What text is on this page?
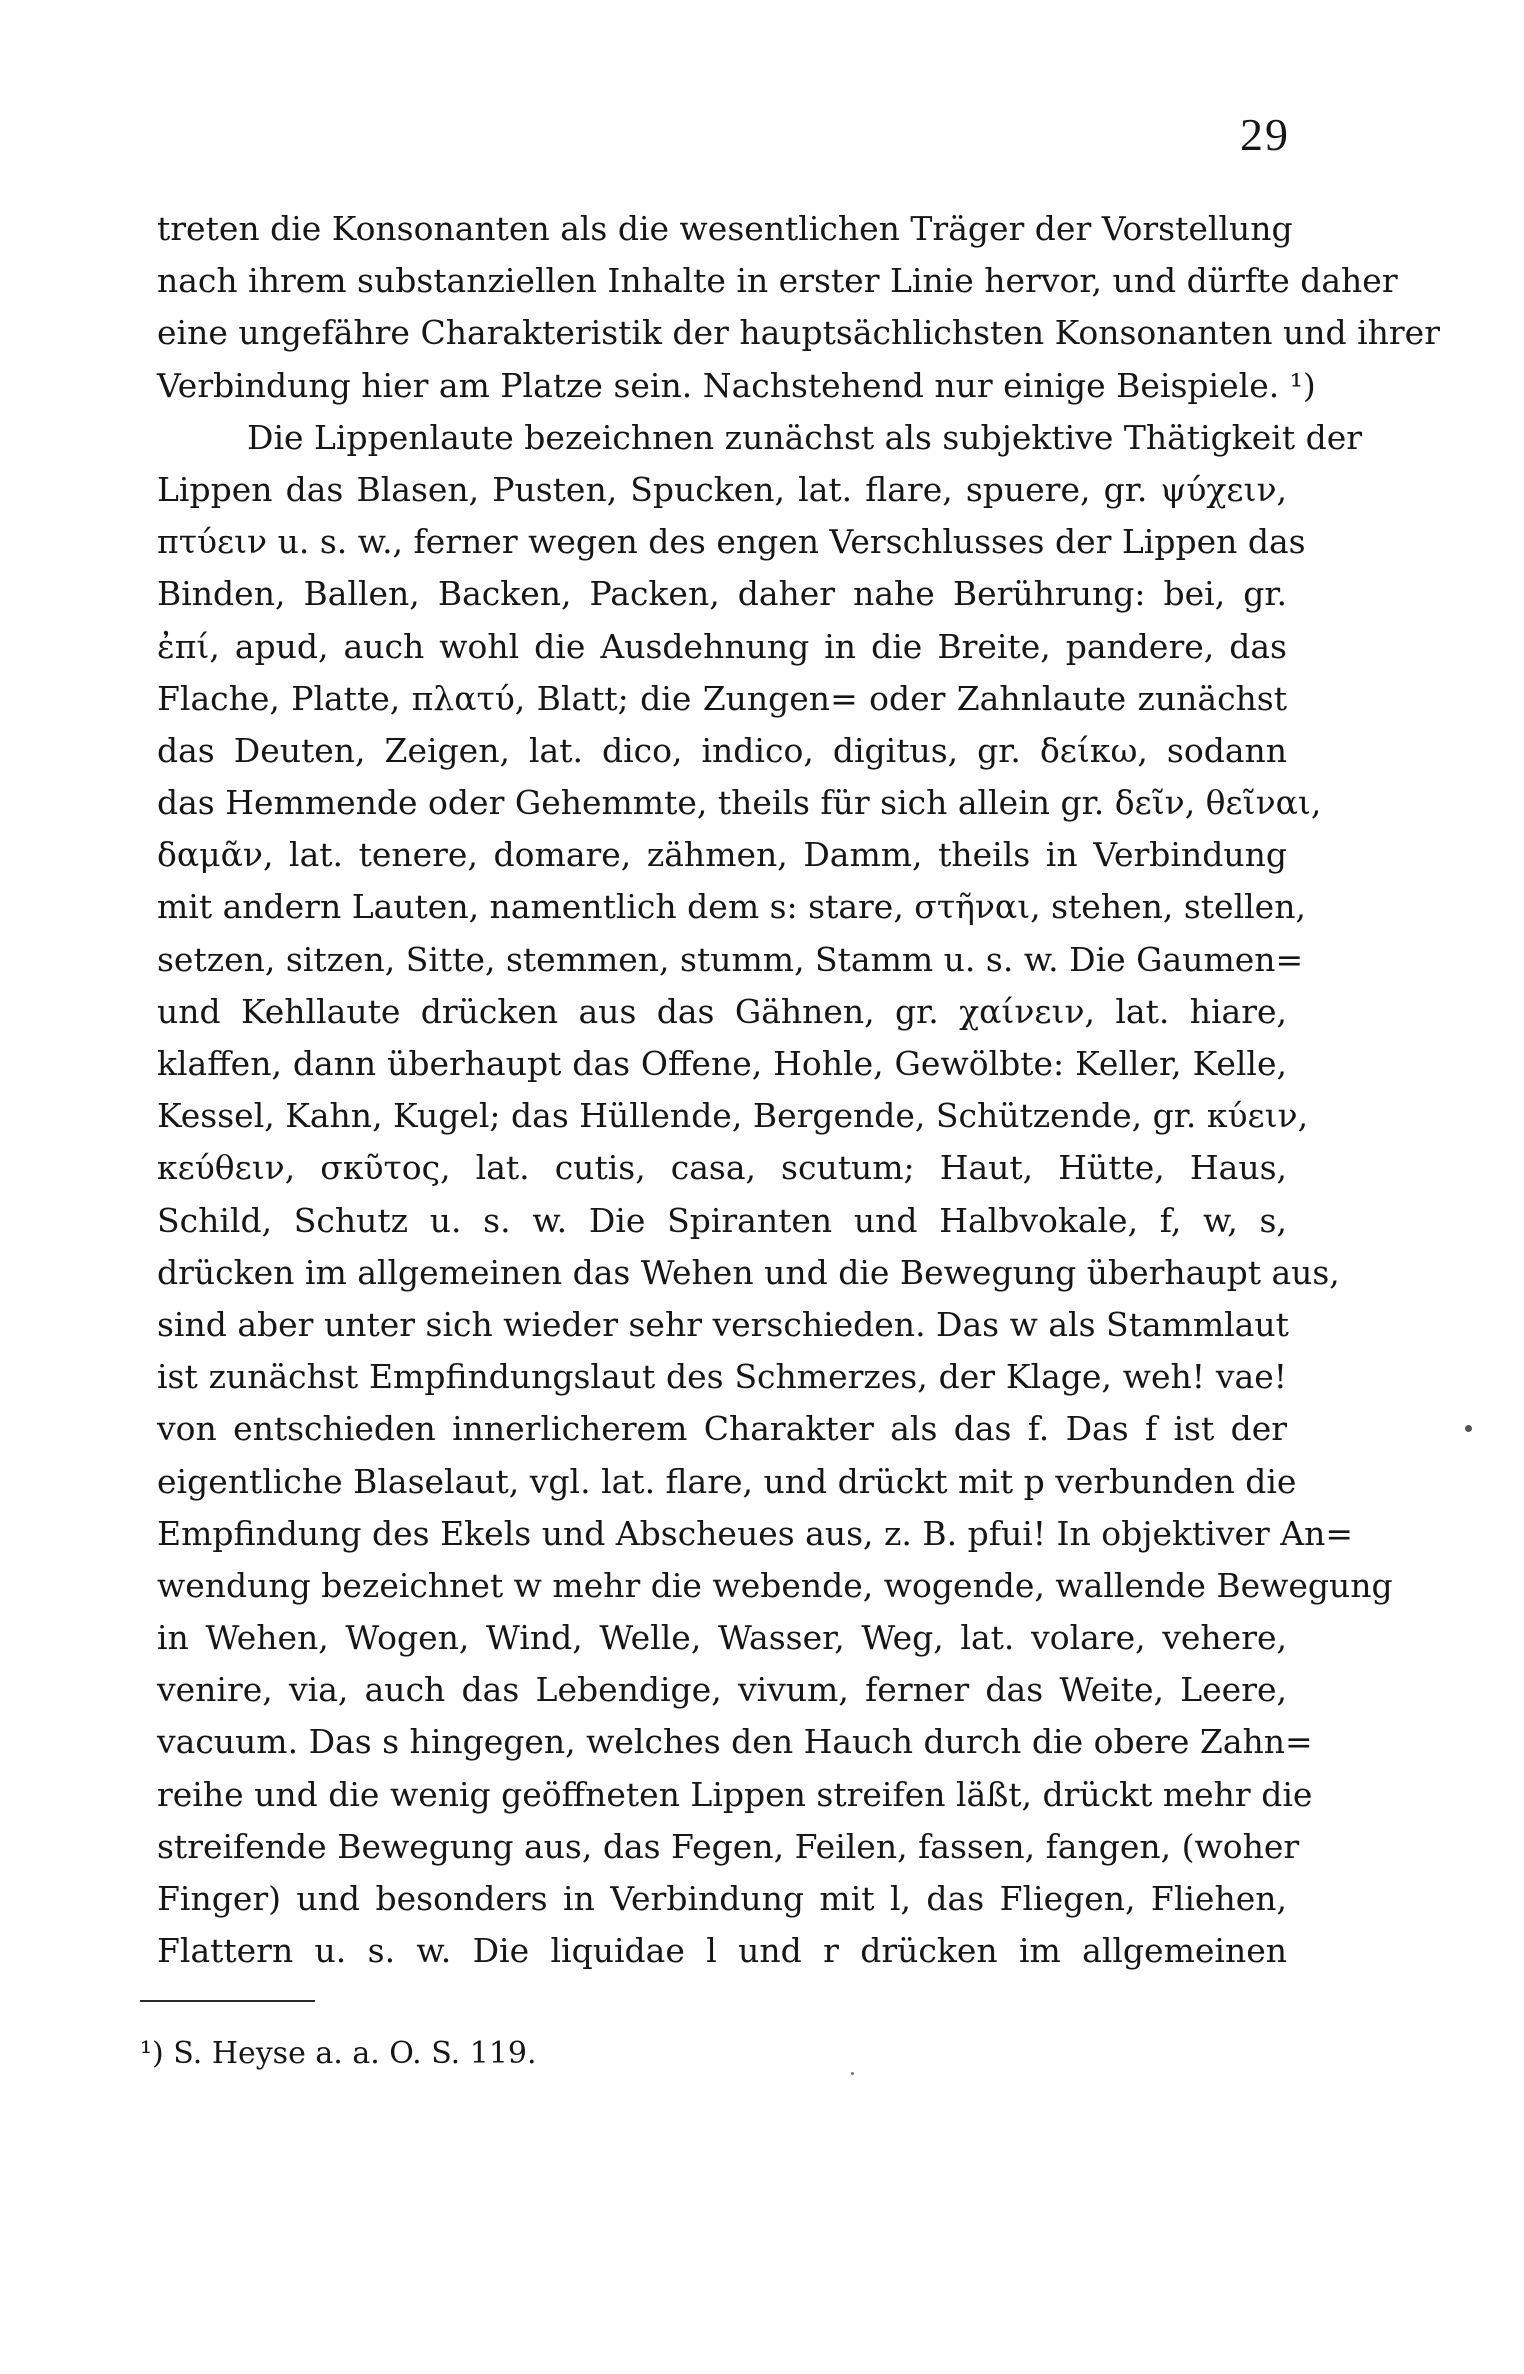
29
treten die Konsonanten als die wesentlichen Träger der Vorstellung
nach ihrem substanziellen Inhalte in erster Linie hervor, und dürfte daher
eine ungefähre Charakteristik der hauptsächlichsten Konsonanten und ihrer
Verbindung hier am Platze sein. Nachstehend nur einige Beispiele. ¹)
Die Lippenlaute bezeichnen zunächst als subjektive Thätigkeit der
Lippen das Blasen, Pusten, Spucken, lat. flare, spuere, gr. ψύχειν,
πτύειν u. s. w., ferner wegen des engen Verschlusses der Lippen das
Binden, Ballen, Backen, Packen, daher nahe Berührung: bei, gr.
ἐπί, apud, auch wohl die Ausdehnung in die Breite, pandere, das
Flache, Platte, πλατύ, Blatt; die Zungen= oder Zahnlaute zunächst
das Deuten, Zeigen, lat. dico, indico, digitus, gr. δείκω, sodann
das Hemmende oder Gehemmte, theils für sich allein gr. δεῖν, θεῖναι,
δαμᾶν, lat. tenere, domare, zähmen, Damm, theils in Verbindung
mit andern Lauten, namentlich dem s: stare, στῆναι, stehen, stellen,
setzen, sitzen, Sitte, stemmen, stumm, Stamm u. s. w. Die Gaumen=
und Kehllaute drücken aus das Gähnen, gr. χαίνειν, lat. hiare,
klaffen, dann überhaupt das Offene, Hohle, Gewölbte: Keller, Kelle,
Kessel, Kahn, Kugel; das Hüllende, Bergende, Schützende, gr. κύειν,
κεύθειν, σκῦτος, lat. cutis, casa, scutum; Haut, Hütte, Haus,
Schild, Schutz u. s. w. Die Spiranten und Halbvokale, f, w, s,
drücken im allgemeinen das Wehen und die Bewegung überhaupt aus,
sind aber unter sich wieder sehr verschieden. Das w als Stammlaut
ist zunächst Empfindungslaut des Schmerzes, der Klage, weh! vae!
von entschieden innerlicherem Charakter als das f. Das f ist der
eigentliche Blaselaut, vgl. lat. flare, und drückt mit p verbunden die
Empfindung des Ekels und Abscheues aus, z. B. pfui! In objektiver An=
wendung bezeichnet w mehr die webende, wogende, wallende Bewegung
in Wehen, Wogen, Wind, Welle, Wasser, Weg, lat. volare, vehere,
venire, via, auch das Lebendige, vivum, ferner das Weite, Leere,
vacuum. Das s hingegen, welches den Hauch durch die obere Zahn=
reihe und die wenig geöffneten Lippen streifen läßt, drückt mehr die
streifende Bewegung aus, das Fegen, Feilen, fassen, fangen, (woher
Finger) und besonders in Verbindung mit l, das Fliegen, Fliehen,
Flattern u. s. w. Die liquidae l und r drücken im allgemeinen
¹) S. Heyse a. a. O. S. 119.
